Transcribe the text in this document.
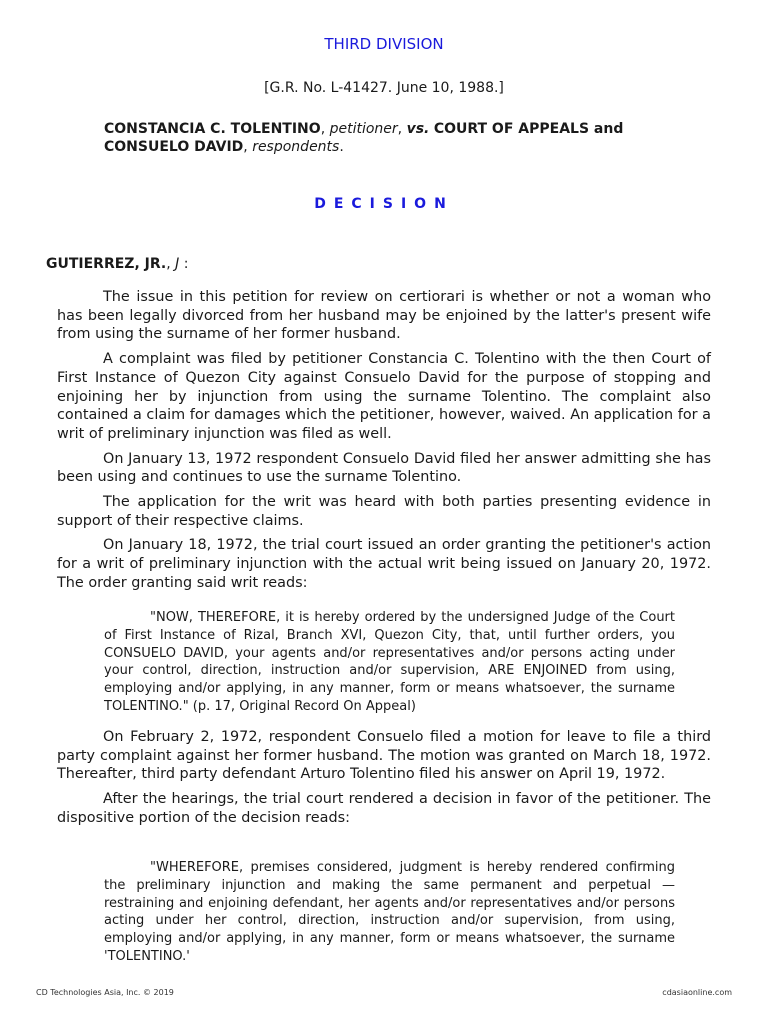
THIRD DIVISION
[G.R. No. L-41427. June 10, 1988.]
CONSTANCIA C. TOLENTINO, petitioner, vs. COURT OF APPEALS and CONSUELO DAVID, respondents.
DECISION
GUTIERREZ, JR., J :

The issue in this petition for review on certiorari is whether or not a woman who has been legally divorced from her husband may be enjoined by the latter's present wife from using the surname of her former husband.

A complaint was filed by petitioner Constancia C. Tolentino with the then Court of First Instance of Quezon City against Consuelo David for the purpose of stopping and enjoining her by injunction from using the surname Tolentino. The complaint also contained a claim for damages which the petitioner, however, waived. An application for a writ of preliminary injunction was filed as well.

On January 13, 1972 respondent Consuelo David filed her answer admitting she has been using and continues to use the surname Tolentino.

The application for the writ was heard with both parties presenting evidence in support of their respective claims.

On January 18, 1972, the trial court issued an order granting the petitioner's action for a writ of preliminary injunction with the actual writ being issued on January 20, 1972. The order granting said writ reads:

"NOW, THEREFORE, it is hereby ordered by the undersigned Judge of the Court of First Instance of Rizal, Branch XVI, Quezon City, that, until further orders, you CONSUELO DAVID, your agents and/or representatives and/or persons acting under your control, direction, instruction and/or supervision, ARE ENJOINED from using, employing and/or applying, in any manner, form or means whatsoever, the surname TOLENTINO." (p. 17, Original Record On Appeal)

On February 2, 1972, respondent Consuelo filed a motion for leave to file a third party complaint against her former husband. The motion was granted on March 18, 1972. Thereafter, third party defendant Arturo Tolentino filed his answer on April 19, 1972.

After the hearings, the trial court rendered a decision in favor of the petitioner. The dispositive portion of the decision reads:

"WHEREFORE, premises considered, judgment is hereby rendered confirming the preliminary injunction and making the same permanent and perpetual — restraining and enjoining defendant, her agents and/or representatives and/or persons acting under her control, direction, instruction and/or supervision, from using, employing and/or applying, in any manner, form or means whatsoever, the surname 'TOLENTINO.'

CD Technologies Asia, Inc. © 2019	cdasiaonline.com
